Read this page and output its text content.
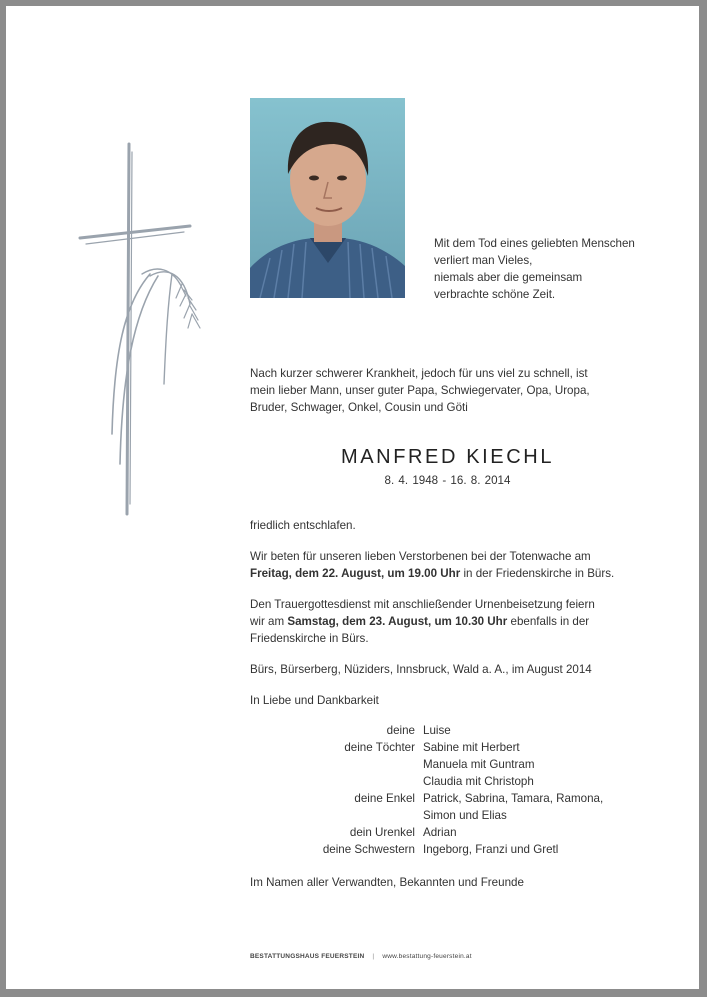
Mit dem Tod eines geliebten Menschen
verliert man Vieles,
niemals aber die gemeinsam
verbrachte schöne Zeit.
Nach kurzer schwerer Krankheit, jedoch für uns viel zu schnell, ist
mein lieber Mann, unser guter Papa, Schwiegervater, Opa, Uropa,
Bruder, Schwager, Onkel, Cousin und Göti
MANFRED KIECHL
8. 4. 1948 - 16. 8. 2014

friedlich entschlafen.

Wir beten für unseren lieben Verstorbenen bei der Totenwache am
Freitag, dem 22. August, um 19.00 Uhr in der Friedenskirche in Bürs.

Den Trauergottesdienst mit anschließender Urnenbeisetzung feiern
wir am Samstag, dem 23. August, um 10.30 Uhr ebenfalls in der
Friedenskirche in Bürs.

Bürs, Bürserberg, Nüziders, Innsbruck, Wald a. A., im August 2014

In Liebe und Dankbarkeit

deine Luise
deine Töchter Sabine mit Herbert
Manuela mit Guntram
Claudia mit Christoph
deine Enkel Patrick, Sabrina, Tamara, Ramona,
Simon und Elias
dein Urenkel Adrian
deine Schwestern Ingeborg, Franzi und Gretl
Im Namen aller Verwandten, Bekannten und Freunde
BESTATTUNGSHAUS FEUERSTEIN | www.bestattung-feuerstein.at
